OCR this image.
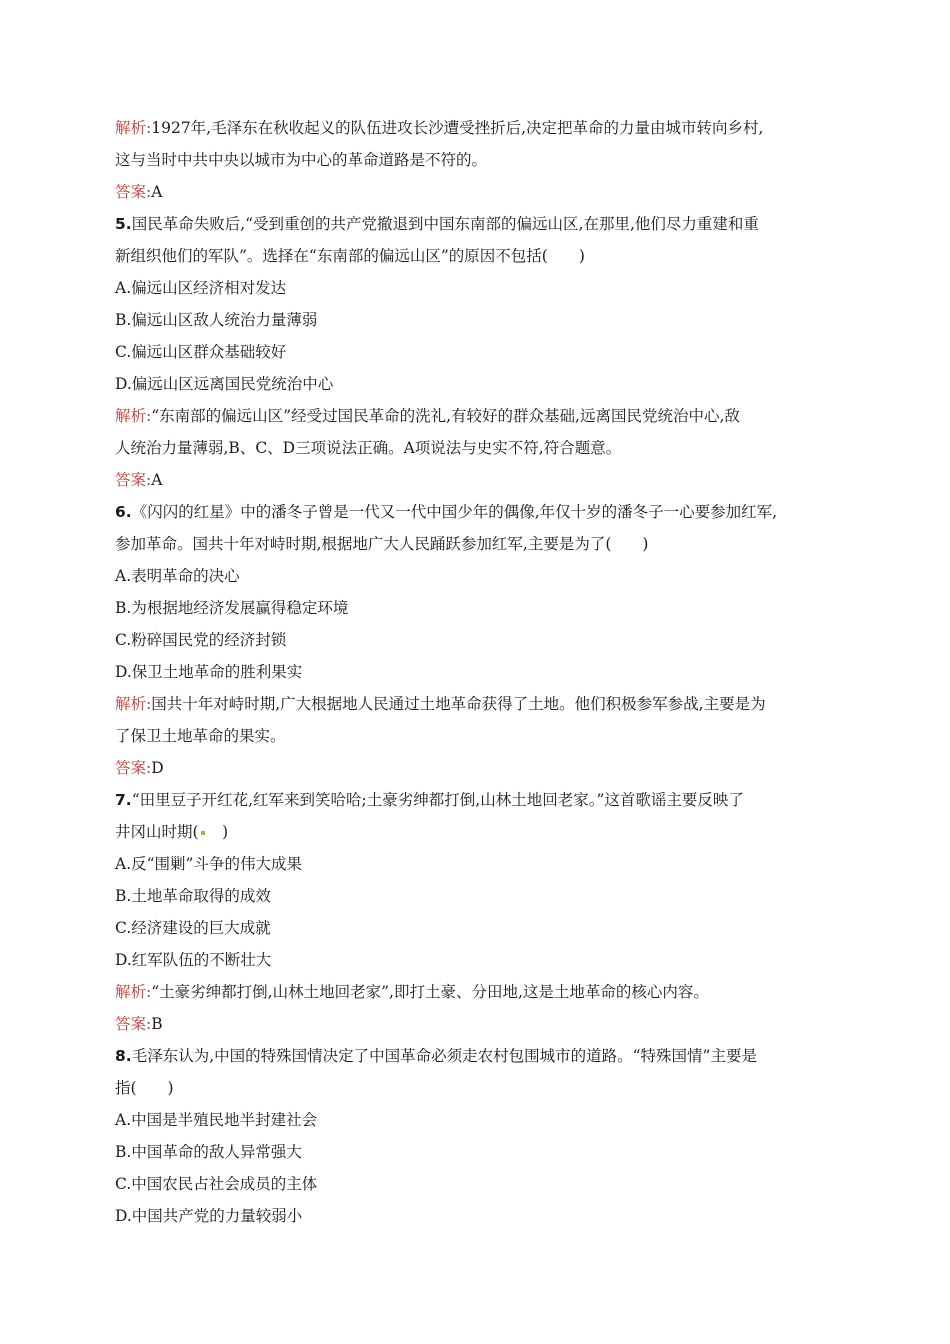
解析:1927年,毛泽东在秋收起义的队伍进攻长沙遭受挫折后,决定把革命的力量由城市转向乡村,
这与当时中共中央以城市为中心的革命道路是不符的。
答案:A
5.国民革命失败后,“受到重创的共产党撤退到中国东南部的偏远山区,在那里,他们尽力重建和重
新组织他们的军队”。选择在“东南部的偏远山区”的原因不包括(　　)
A.偏远山区经济相对发达
B.偏远山区敌人统治力量薄弱
C.偏远山区群众基础较好
D.偏远山区远离国民党统治中心
解析:“东南部的偏远山区”经受过国民革命的洗礼,有较好的群众基础,远离国民党统治中心,敌
人统治力量薄弱,B、C、D三项说法正确。A项说法与史实不符,符合题意。
答案:A
6.《闪闪的红星》中的潘冬子曾是一代又一代中国少年的偶像,年仅十岁的潘冬子一心要参加红军,
参加革命。国共十年对峙时期,根据地广大人民踊跃参加红军,主要是为了(　　)
A.表明革命的决心
B.为根据地经济发展赢得稳定环境
C.粉碎国民党的经济封锁
D.保卫土地革命的胜利果实
解析:国共十年对峙时期,广大根据地人民通过土地革命获得了土地。他们积极参军参战,主要是为
了保卫土地革命的果实。
答案:D
7.“田里豆子开红花,红军来到笑哈哈;土豪劣绅都打倒,山林土地回老家。”这首歌谣主要反映了
井冈山时期(　)
A.反“围剿”斗争的伟大成果
B.土地革命取得的成效
C.经济建设的巨大成就
D.红军队伍的不断壮大
解析:“土豪劣绅都打倒,山林土地回老家”,即打土豪、分田地,这是土地革命的核心内容。
答案:B
8.毛泽东认为,中国的特殊国情决定了中国革命必须走农村包围城市的道路。“特殊国情”主要是
指(　　)
A.中国是半殖民地半封建社会
B.中国革命的敌人异常强大
C.中国农民占社会成员的主体
D.中国共产党的力量较弱小
